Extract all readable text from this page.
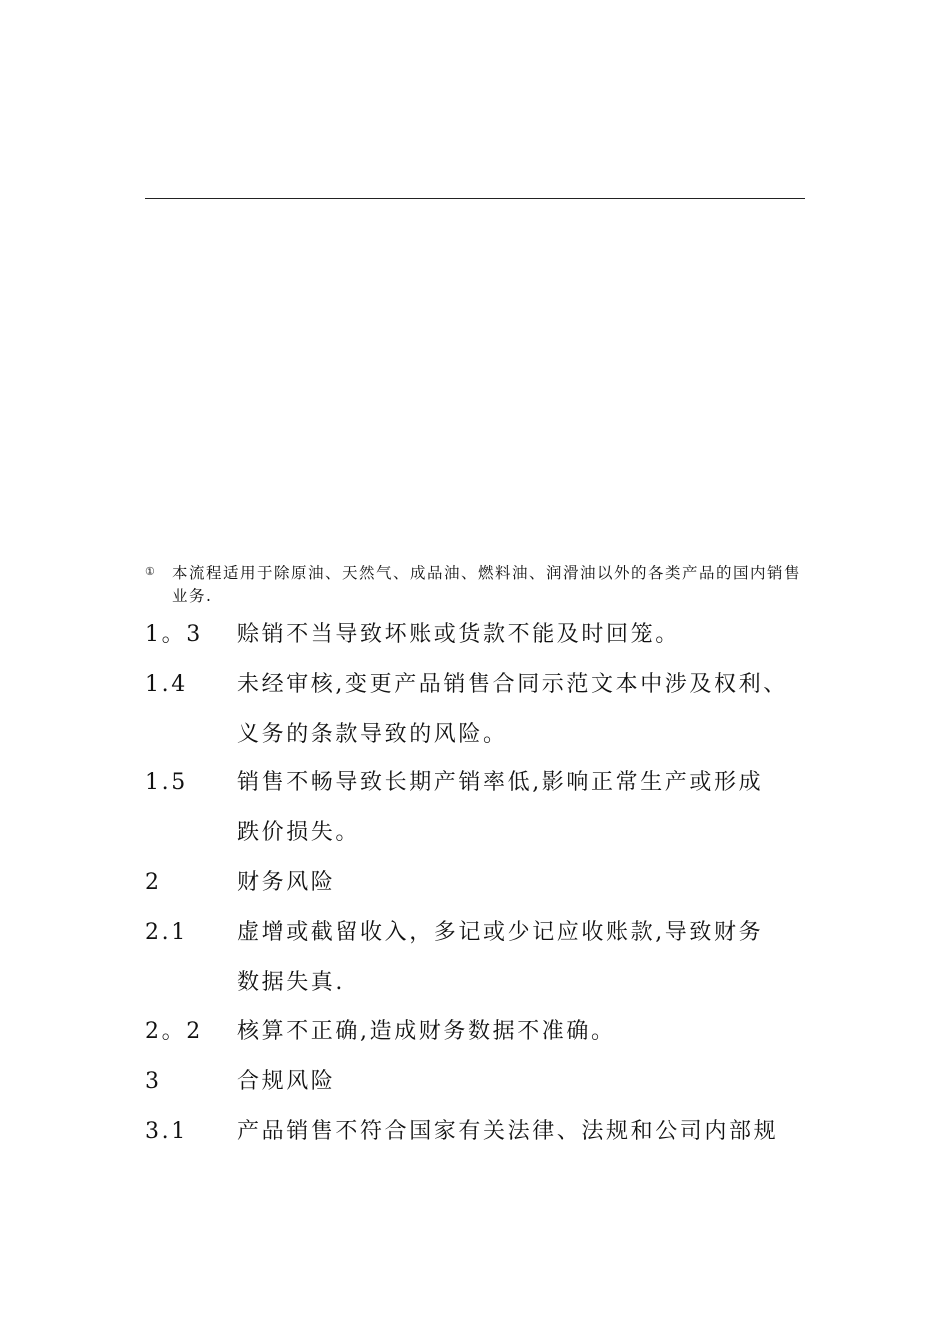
① 本流程适用于除原油、天然气、成品油、燃料油、润滑油以外的各类产品的国内销售业务.
1。3 赊销不当导致坏账或货款不能及时回笼。
1.4 未经审核,变更产品销售合同示范文本中涉及权利、
义务的条款导致的风险。
1.5 销售不畅导致长期产销率低,影响正常生产或形成
跌价损失。
2	财务风险
2.1 虚增或截留收入，多记或少记应收账款,导致财务
数据失真.
2。2 核算不正确,造成财务数据不准确。
3	合规风险
3.1 产品销售不符合国家有关法律、法规和公司内部规
